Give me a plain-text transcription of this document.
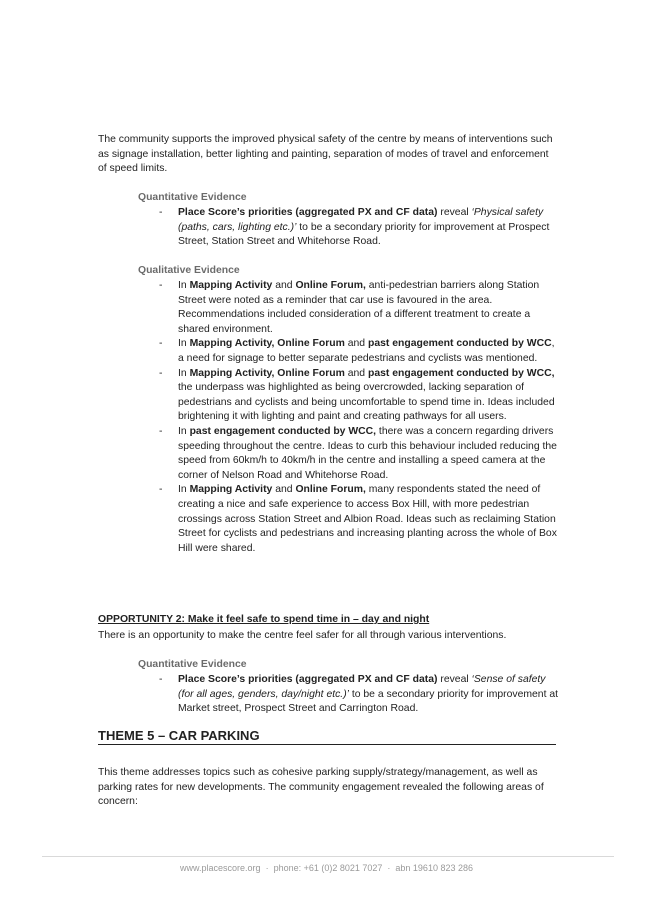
The community supports the improved physical safety of the centre by means of interventions such as signage installation, better lighting and painting, separation of modes of travel and enforcement of speed limits.

Quantitative Evidence

- Place Score’s priorities (aggregated PX and CF data) reveal ‘Physical safety (paths, cars, lighting etc.)’ to be a secondary priority for improvement at Prospect Street, Station Street and Whitehorse Road.

Qualitative Evidence

- In Mapping Activity and Online Forum, anti-pedestrian barriers along Station Street were noted as a reminder that car use is favoured in the area. Recommendations included consideration of a different treatment to create a shared environment.
- In Mapping Activity, Online Forum and past engagement conducted by WCC, a need for signage to better separate pedestrians and cyclists was mentioned.
- In Mapping Activity, Online Forum and past engagement conducted by WCC, the underpass was highlighted as being overcrowded, lacking separation of pedestrians and cyclists and being uncomfortable to spend time in. Ideas included brightening it with lighting and paint and creating pathways for all users.
- In past engagement conducted by WCC, there was a concern regarding drivers speeding throughout the centre. Ideas to curb this behaviour included reducing the speed from 60km/h to 40km/h in the centre and installing a speed camera at the corner of Nelson Road and Whitehorse Road.
- In Mapping Activity and Online Forum, many respondents stated the need of creating a nice and safe experience to access Box Hill, with more pedestrian crossings across Station Street and Albion Road. Ideas such as reclaiming Station Street for cyclists and pedestrians and increasing planting across the whole of Box Hill were shared.

OPPORTUNITY 2: Make it feel safe to spend time in – day and night

There is an opportunity to make the centre feel safer for all through various interventions.

Quantitative Evidence

- Place Score’s priorities (aggregated PX and CF data) reveal ‘Sense of safety (for all ages, genders, day/night etc.)’ to be a secondary priority for improvement at Market street, Prospect Street and Carrington Road.

THEME 5 – CAR PARKING

This theme addresses topics such as cohesive parking supply/strategy/management, as well as parking rates for new developments. The community engagement revealed the following areas of concern:

www.placescore.org · phone: +61 (0)2 8021 7027 · abn 19610 823 286
